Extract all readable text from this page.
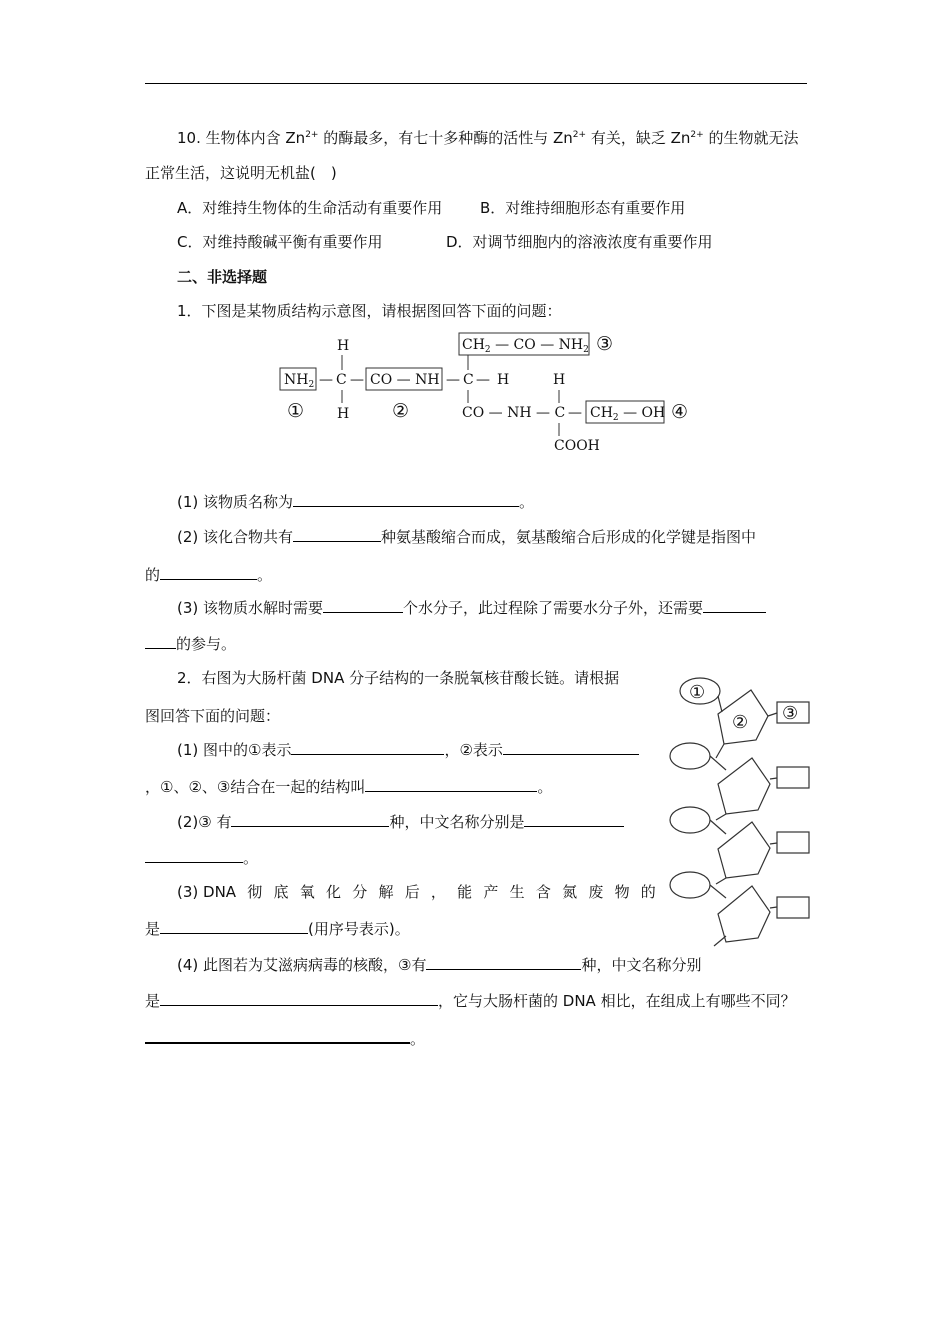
10. 生物体内含 $Zn^{2+}$ 的酶最多，有七十多种酶的活性与 $Zn^{2+}$ 有关，缺乏 $Zn^{2+}$ 的生物就无法
正常生活，这说明无机盐(　)
A．对维持生物体的生命活动有重要作用	B．对维持细胞形态有重要作用
C．对维持酸碱平衡有重要作用	D．对调节细胞内的溶液浓度有重要作用
二、非选择题
1．下图是某物质结构示意图，请根据图回答下面的问题：
$NH_2$ —
H
C
H
—
①
CO — NH
②
—
$CH_2$ — CO — $NH_2$ ③
C — H
CO — NH — C
H
COOH
— $CH_2$ — OH ④
(1) 该物质名称为	。
(2) 该化合物共有	种氨基酸缩合而成，氨基酸缩合后形成的化学键是指图中
的	。
(3) 该物质水解时需要	个水分子，此过程除了需要水分子外，还需要
的参与。
2．右图为大肠杆菌 DNA 分子结构的一条脱氧核苷酸长链。请根据
图回答下面的问题：
(1) 图中的①表示	，②表示
，①、②、③结合在一起的结构叫	。
(2)③ 有	种，中文名称分别是
。
(3) DNA 彻 底 氧 化 分 解 后 ， 能 产 生 含 氮 废 物 的
是	(用序号表示)。
(4) 此图若为艾滋病病毒的核酸，③有	种，中文名称分别
是	，它与大肠杆菌的 DNA 相比，在组成上有哪些不同？
。
①
② ③
